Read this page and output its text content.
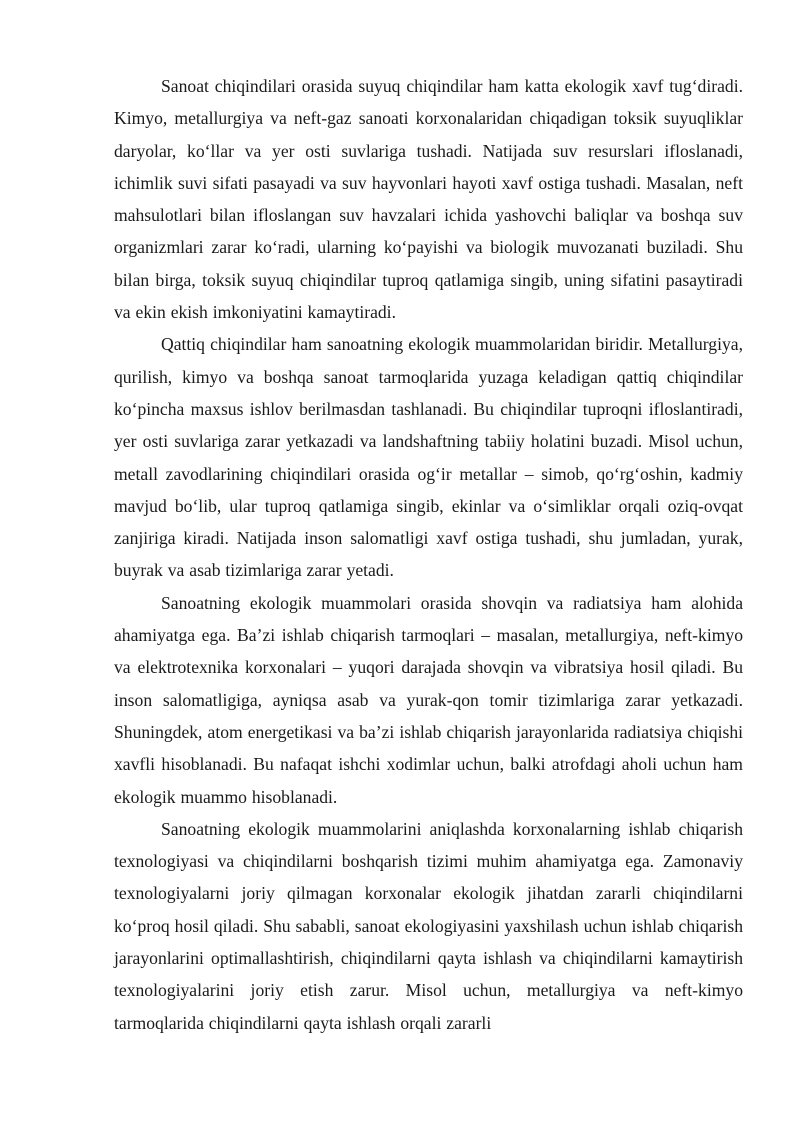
Sanoat chiqindilari orasida suyuq chiqindilar ham katta ekologik xavf tug‘diradi. Kimyo, metallurgiya va neft-gaz sanoati korxonalaridan chiqadigan toksik suyuqliklar daryolar, ko‘llar va yer osti suvlariga tushadi. Natijada suv resurslari ifloslanadi, ichimlik suvi sifati pasayadi va suv hayvonlari hayoti xavf ostiga tushadi. Masalan, neft mahsulotlari bilan ifloslangan suv havzalari ichida yashovchi baliqlar va boshqa suv organizmlari zarar ko‘radi, ularning ko‘payishi va biologik muvozanati buziladi. Shu bilan birga, toksik suyuq chiqindilar tuproq qatlamiga singib, uning sifatini pasaytiradi va ekin ekish imkoniyatini kamaytiradi.

Qattiq chiqindilar ham sanoatning ekologik muammolaridan biridir. Metallurgiya, qurilish, kimyo va boshqa sanoat tarmoqlarida yuzaga keladigan qattiq chiqindilar ko‘pincha maxsus ishlov berilmasdan tashlanadi. Bu chiqindilar tuproqni ifloslantiradi, yer osti suvlariga zarar yetkazadi va landshaftning tabiiy holatini buzadi. Misol uchun, metall zavodlarining chiqindilari orasida og‘ir metallar – simob, qo‘rg‘oshin, kadmiy mavjud bo‘lib, ular tuproq qatlamiga singib, ekinlar va o‘simliklar orqali oziq-ovqat zanjiriga kiradi. Natijada inson salomatligi xavf ostiga tushadi, shu jumladan, yurak, buyrak va asab tizimlariga zarar yetadi.

Sanoatning ekologik muammolari orasida shovqin va radiatsiya ham alohida ahamiyatga ega. Ba’zi ishlab chiqarish tarmoqlari – masalan, metallurgiya, neft-kimyo va elektrotexnika korxonalari – yuqori darajada shovqin va vibratsiya hosil qiladi. Bu inson salomatligiga, ayniqsa asab va yurak-qon tomir tizimlariga zarar yetkazadi. Shuningdek, atom energetikasi va ba’zi ishlab chiqarish jarayonlarida radiatsiya chiqishi xavfli hisoblanadi. Bu nafaqat ishchi xodimlar uchun, balki atrofdagi aholi uchun ham ekologik muammo hisoblanadi.

Sanoatning ekologik muammolarini aniqlashda korxonalarning ishlab chiqarish texnologiyasi va chiqindilarni boshqarish tizimi muhim ahamiyatga ega. Zamonaviy texnologiyalarni joriy qilmagan korxonalar ekologik jihatdan zararli chiqindilarni ko‘proq hosil qiladi. Shu sababli, sanoat ekologiyasini yaxshilash uchun ishlab chiqarish jarayonlarini optimallashtirish, chiqindilarni qayta ishlash va chiqindilarni kamaytirish texnologiyalarini joriy etish zarur. Misol uchun, metallurgiya va neft-kimyo tarmoqlarida chiqindilarni qayta ishlash orqali zararli
